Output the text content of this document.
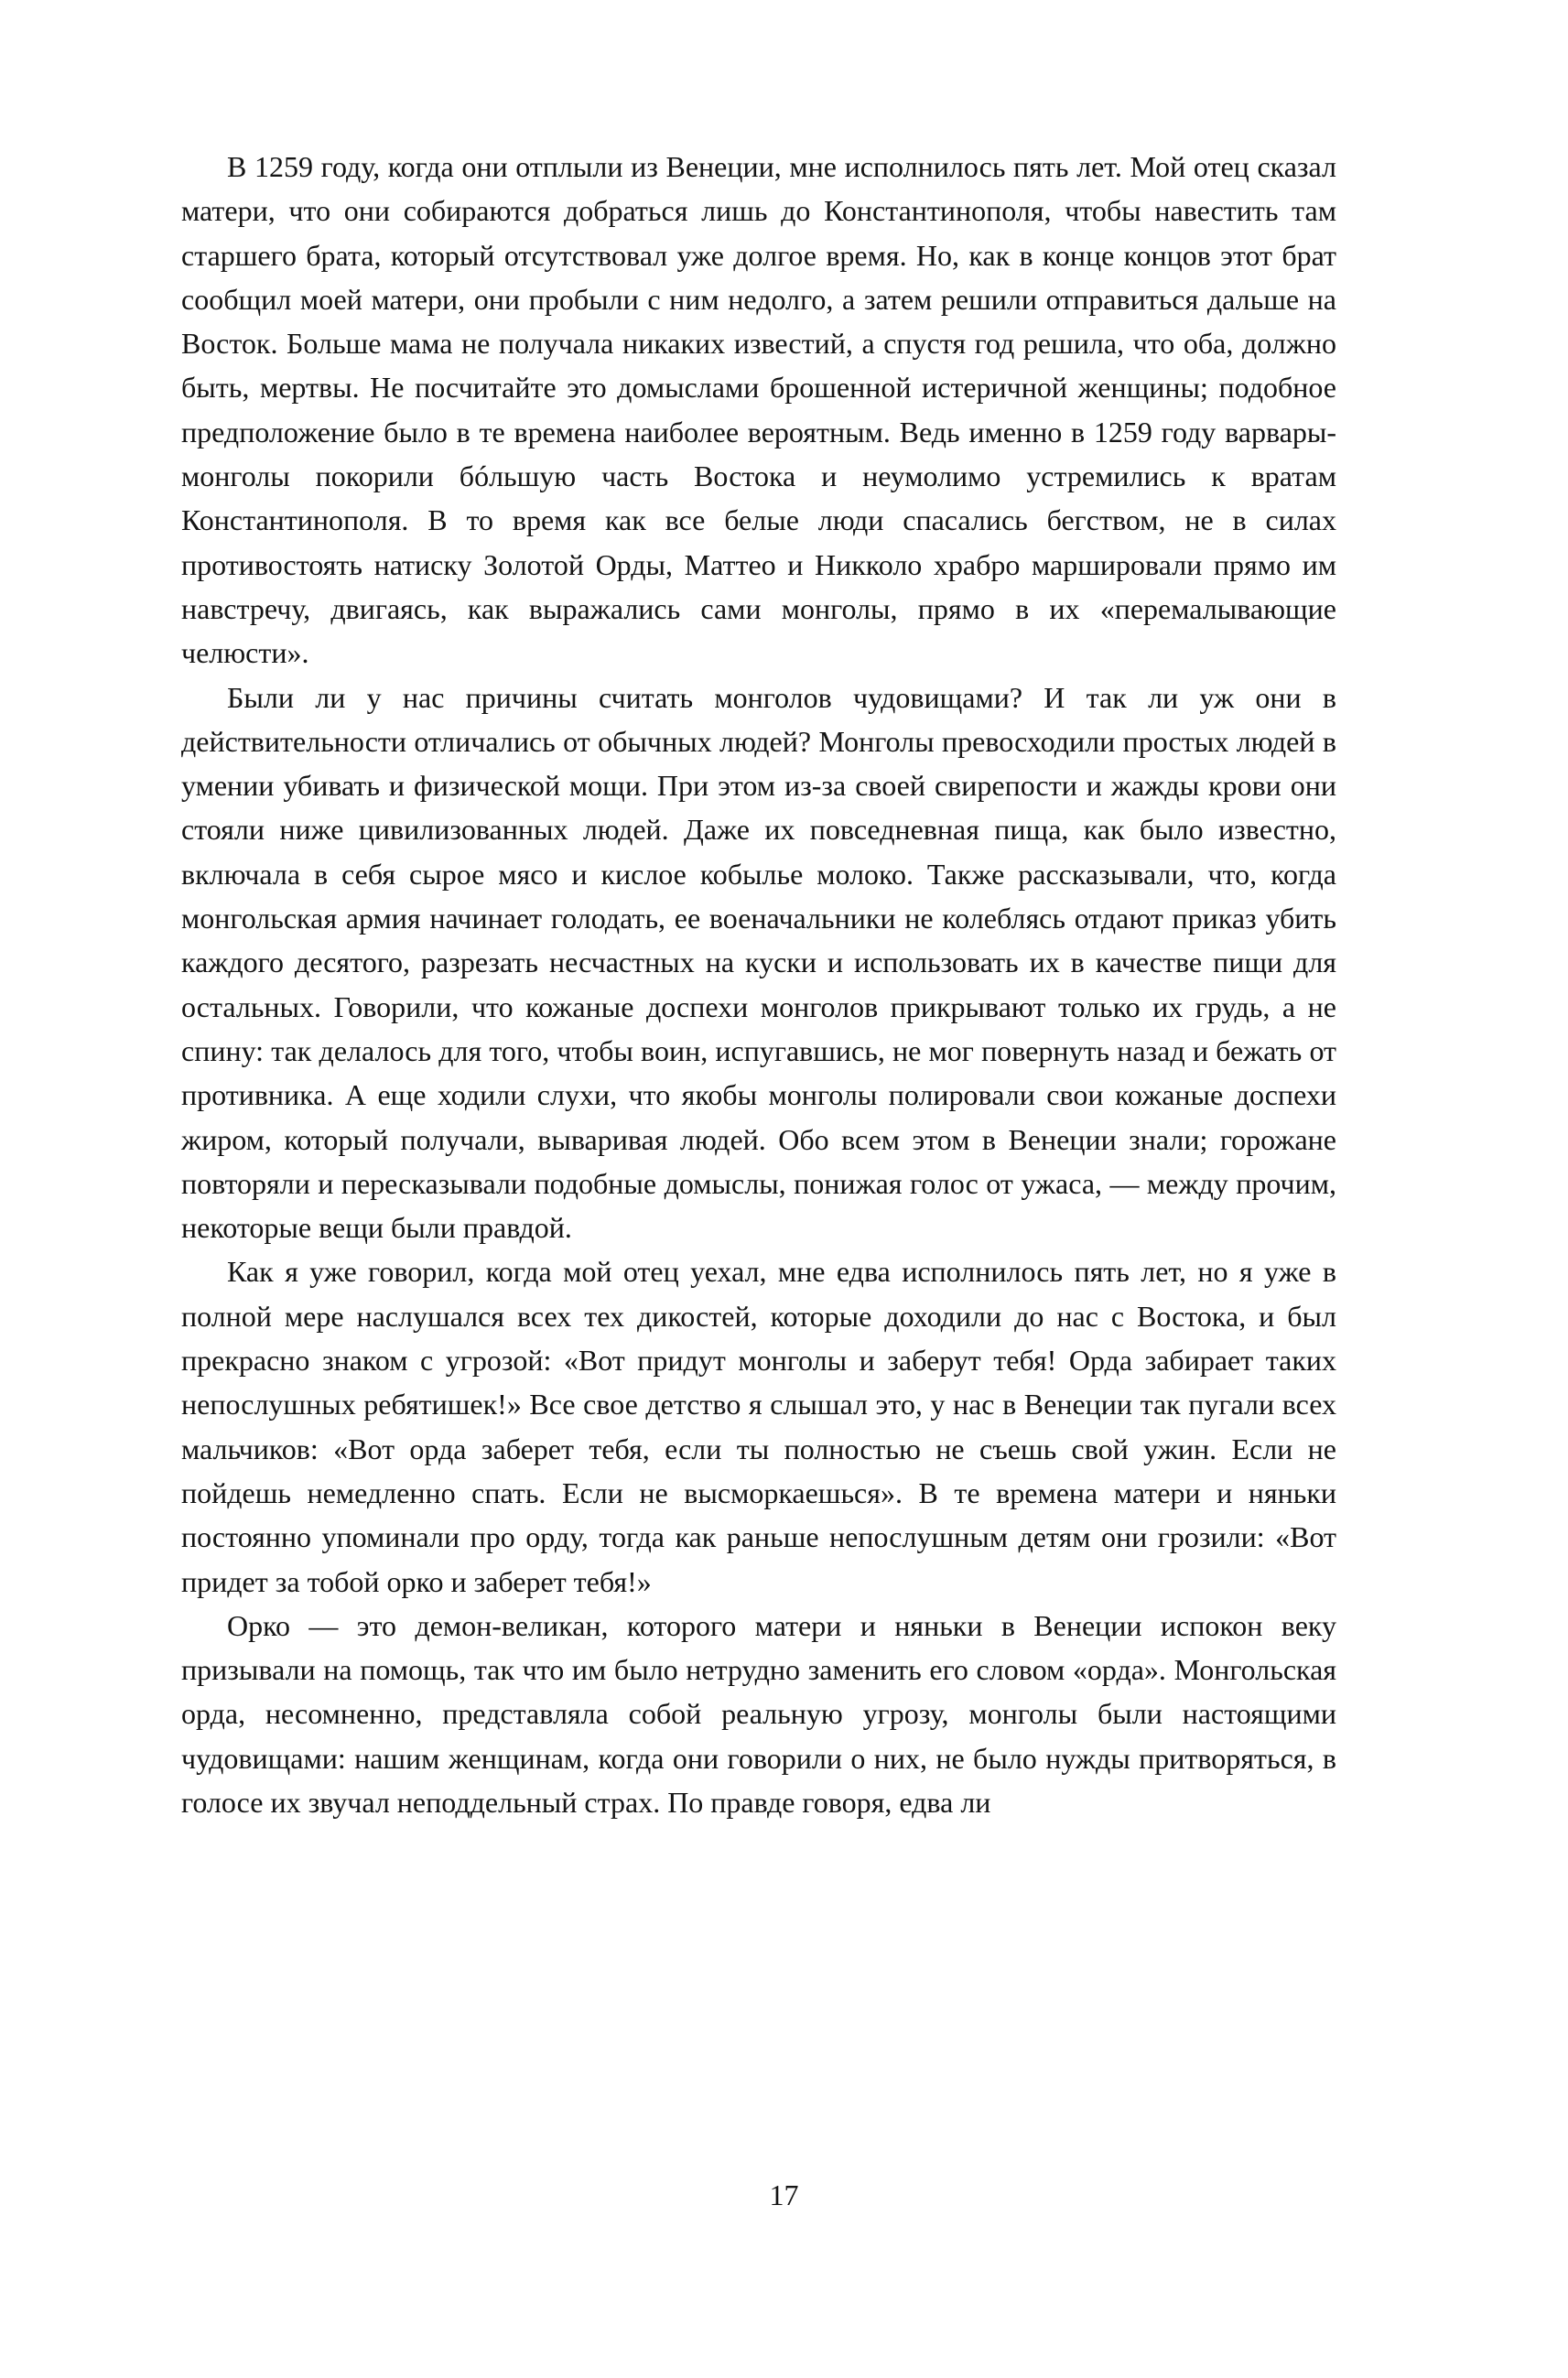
В 1259 году, когда они отплыли из Венеции, мне исполнилось пять лет. Мой отец сказал матери, что они собираются добраться лишь до Константинополя, чтобы навестить там старшего брата, который отсутствовал уже долгое время. Но, как в конце концов этот брат сообщил моей матери, они пробыли с ним недолго, а затем решили отправиться дальше на Восток. Больше мама не получала никаких известий, а спустя год решила, что оба, должно быть, мертвы. Не посчитайте это домыслами брошенной истеричной женщины; подобное предположение было в те времена наиболее вероятным. Ведь именно в 1259 году варвары-монголы покорили бóльшую часть Востока и неумолимо устремились к вратам Константинополя. В то время как все белые люди спасались бегством, не в силах противостоять натиску Золотой Орды, Маттео и Никколо храбро маршировали прямо им навстречу, двигаясь, как выражались сами монголы, прямо в их «перемалывающие челюсти».

Были ли у нас причины считать монголов чудовищами? И так ли уж они в действительности отличались от обычных людей? Монголы превосходили простых людей в умении убивать и физической мощи. При этом из-за своей свирепости и жажды крови они стояли ниже цивилизованных людей. Даже их повседневная пища, как было известно, включала в себя сырое мясо и кислое кобылье молоко. Также рассказывали, что, когда монгольская армия начинает голодать, ее военачальники не колеблясь отдают приказ убить каждого десятого, разрезать несчастных на куски и использовать их в качестве пищи для остальных. Говорили, что кожаные доспехи монголов прикрывают только их грудь, а не спину: так делалось для того, чтобы воин, испугавшись, не мог повернуть назад и бежать от противника. А еще ходили слухи, что якобы монголы полировали свои кожаные доспехи жиром, который получали, вываривая людей. Обо всем этом в Венеции знали; горожане повторяли и пересказывали подобные домыслы, понижая голос от ужаса, — между прочим, некоторые вещи были правдой.

Как я уже говорил, когда мой отец уехал, мне едва исполнилось пять лет, но я уже в полной мере наслушался всех тех дикостей, которые доходили до нас с Востока, и был прекрасно знаком с угрозой: «Вот придут монголы и заберут тебя! Орда забирает таких непослушных ребятишек!» Все свое детство я слышал это, у нас в Венеции так пугали всех мальчиков: «Вот орда заберет тебя, если ты полностью не съешь свой ужин. Если не пойдешь немедленно спать. Если не высморкаешься». В те времена матери и няньки постоянно упоминали про орду, тогда как раньше непослушным детям они грозили: «Вот придет за тобой орко и заберет тебя!»

Орко — это демон-великан, которого матери и няньки в Венеции испокон веку призывали на помощь, так что им было нетрудно заменить его словом «орда». Монгольская орда, несомненно, представляла собой реальную угрозу, монголы были настоящими чудовищами: нашим женщинам, когда они говорили о них, не было нужды притворяться, в голосе их звучал неподдельный страх. По правде говоря, едва ли

17
